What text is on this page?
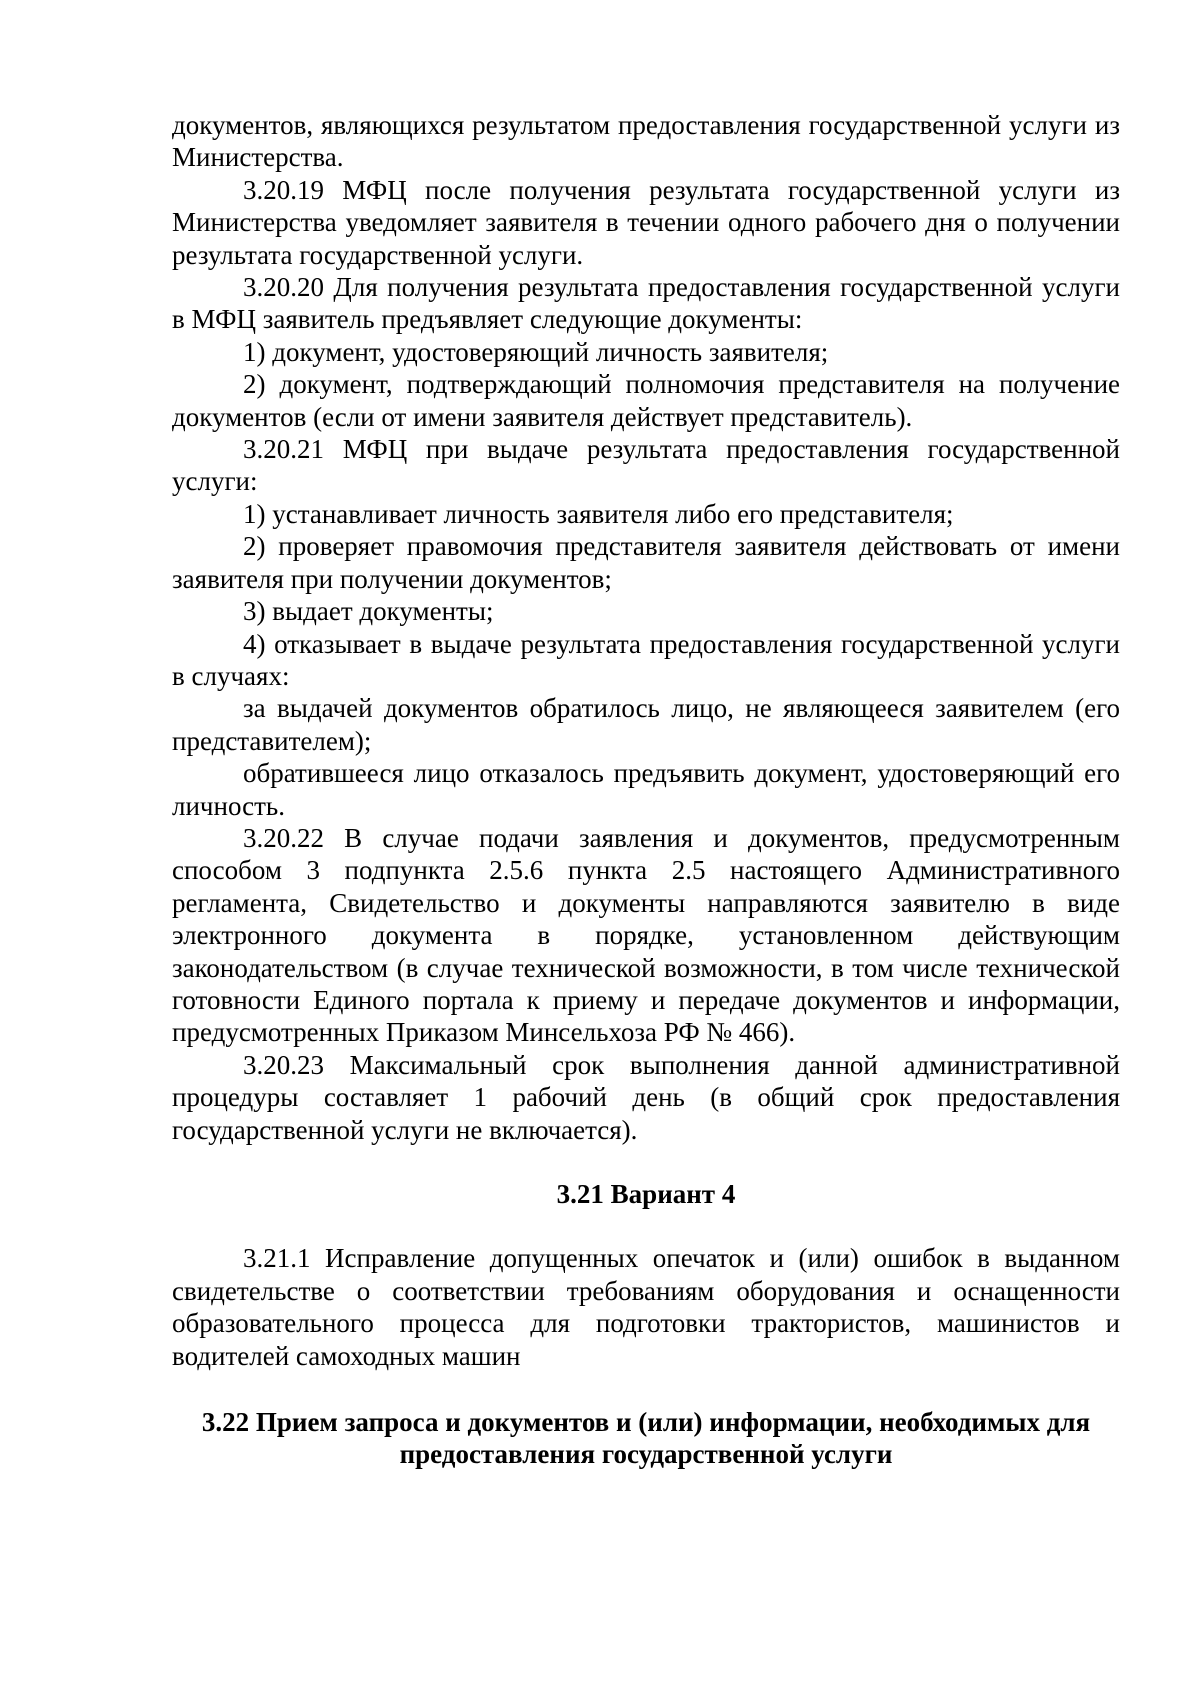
документов, являющихся результатом предоставления государственной услуги из Министерства.

3.20.19 МФЦ после получения результата государственной услуги из Министерства уведомляет заявителя в течении одного рабочего дня о получении результата государственной услуги.

3.20.20 Для получения результата предоставления государственной услуги в МФЦ заявитель предъявляет следующие документы:

1) документ, удостоверяющий личность заявителя;

2) документ, подтверждающий полномочия представителя на получение документов (если от имени заявителя действует представитель).

3.20.21 МФЦ при выдаче результата предоставления государственной услуги:

1) устанавливает личность заявителя либо его представителя;

2) проверяет правомочия представителя заявителя действовать от имени заявителя при получении документов;

3) выдает документы;

4) отказывает в выдаче результата предоставления государственной услуги в случаях:

за выдачей документов обратилось лицо, не являющееся заявителем (его представителем);

обратившееся лицо отказалось предъявить документ, удостоверяющий его личность.

3.20.22 В случае подачи заявления и документов, предусмотренным способом 3 подпункта 2.5.6 пункта 2.5 настоящего Административного регламента, Свидетельство и документы направляются заявителю в виде электронного документа в порядке, установленном действующим законодательством (в случае технической возможности, в том числе технической готовности Единого портала к приему и передаче документов и информации, предусмотренных Приказом Минсельхоза РФ № 466).

3.20.23 Максимальный срок выполнения данной административной процедуры составляет 1 рабочий день (в общий срок предоставления государственной услуги не включается).

3.21 Вариант 4

3.21.1 Исправление допущенных опечаток и (или) ошибок в выданном свидетельстве о соответствии требованиям оборудования и оснащенности образовательного процесса для подготовки трактористов, машинистов и водителей самоходных машин

3.22 Прием запроса и документов и (или) информации, необходимых для
предоставления государственной услуги
